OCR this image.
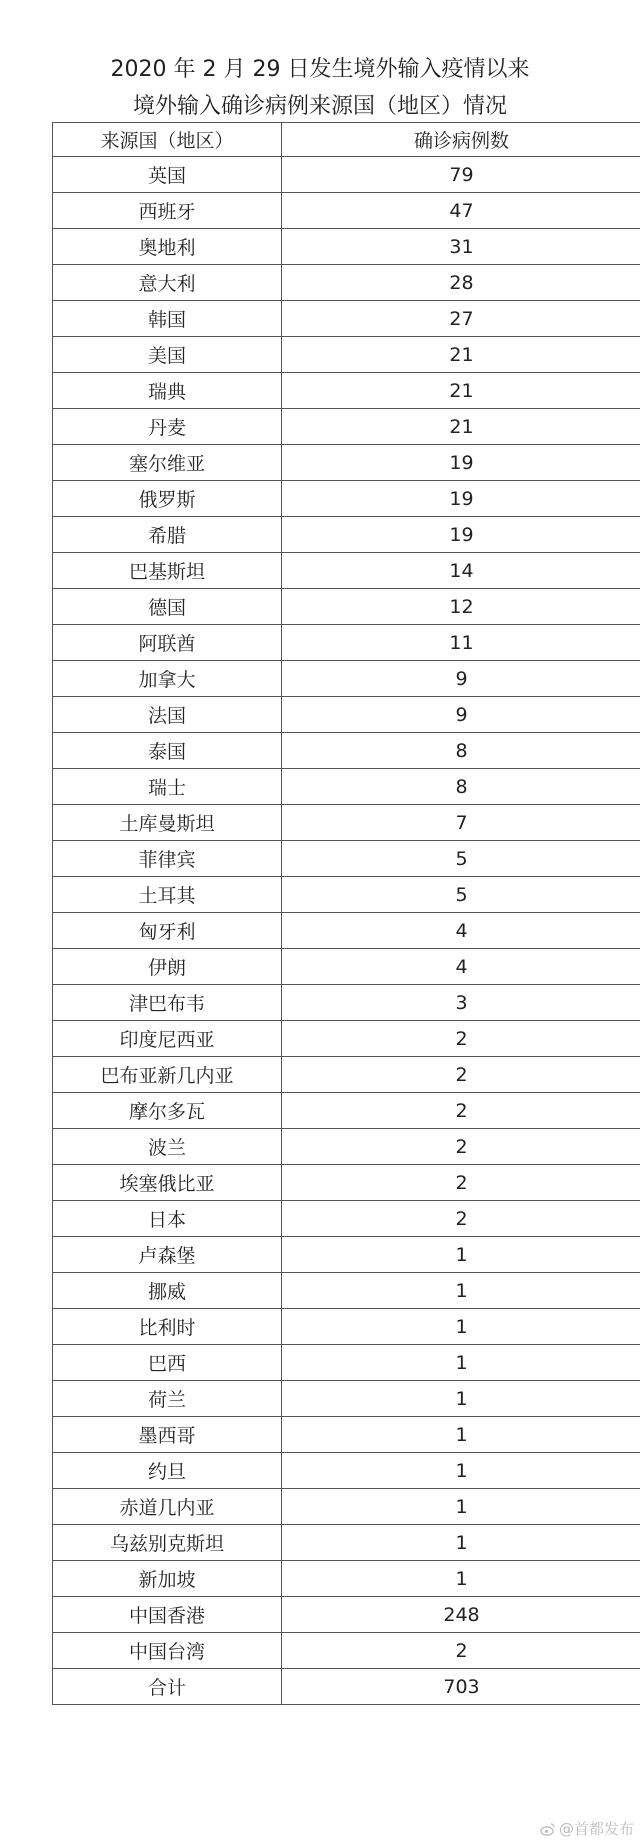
2020 年 2 月 29 日发生境外输入疫情以来
境外输入确诊病例来源国（地区）情况
来源国（地区）	确诊病例数
英国	79
西班牙	47
奥地利	31
意大利	28
韩国	27
美国	21
瑞典	21
丹麦	21
塞尔维亚	19
俄罗斯	19
希腊	19
巴基斯坦	14
德国	12
阿联酋	11
加拿大	9
法国	9
泰国	8
瑞士	8
土库曼斯坦	7
菲律宾	5
土耳其	5
匈牙利	4
伊朗	4
津巴布韦	3
印度尼西亚	2
巴布亚新几内亚	2
摩尔多瓦	2
波兰	2
埃塞俄比亚	2
日本	2
卢森堡	1
挪威	1
比利时	1
巴西	1
荷兰	1
墨西哥	1
约旦	1
赤道几内亚	1
乌兹别克斯坦	1
新加坡	1
中国香港	248
中国台湾	2
合计	703
@首都发布
